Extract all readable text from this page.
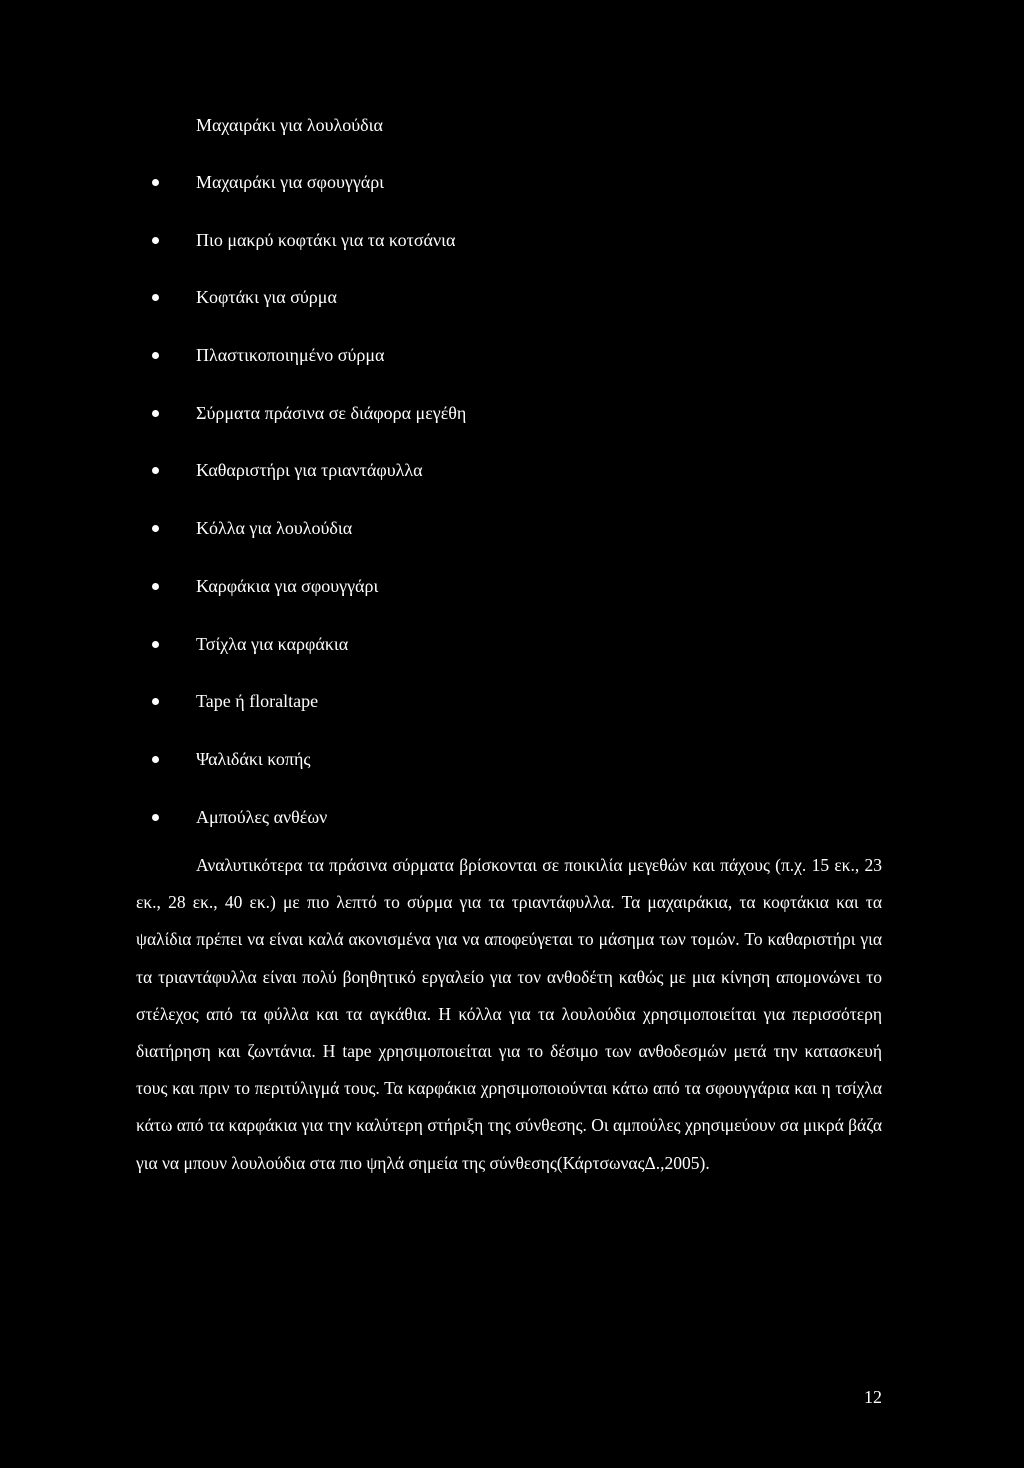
Μαχαιράκι για λουλούδια
Μαχαιράκι για σφουγγάρι
Πιο μακρύ κοφτάκι για τα κοτσάνια
Κοφτάκι για σύρμα
Πλαστικοποιημένο σύρμα
Σύρματα πράσινα σε διάφορα μεγέθη
Καθαριστήρι για τριαντάφυλλα
Κόλλα για λουλούδια
Καρφάκια για σφουγγάρι
Τσίχλα για καρφάκια
Tape ή floraltape
Ψαλιδάκι κοπής
Αμπούλες ανθέων

Αναλυτικότερα τα πράσινα σύρματα βρίσκονται σε ποικιλία μεγεθών και πάχους (π.χ. 15 εκ., 23 εκ., 28 εκ., 40 εκ.) με πιο λεπτό το σύρμα για τα τριαντάφυλλα. Τα μαχαιράκια, τα κοφτάκια και τα ψαλίδια πρέπει να είναι καλά ακονισμένα για να αποφεύγεται το μάσημα των τομών. Το καθαριστήρι για τα τριαντάφυλλα είναι πολύ βοηθητικό εργαλείο για τον ανθοδέτη καθώς με μια κίνηση απομονώνει το στέλεχος από τα φύλλα και τα αγκάθια. Η κόλλα για τα λουλούδια χρησιμοποιείται για περισσότερη διατήρηση και ζωντάνια. Η tape χρησιμοποιείται για το δέσιμο των ανθοδεσμών μετά την κατασκευή τους και πριν το περιτύλιγμά τους. Τα καρφάκια χρησιμοποιούνται κάτω από τα σφουγγάρια και η τσίχλα κάτω από τα καρφάκια για την καλύτερη στήριξη της σύνθεσης. Οι αμπούλες χρησιμεύουν σα μικρά βάζα για να μπουν λουλούδια στα πιο ψηλά σημεία της σύνθεσης(ΚάρτσωναςΔ.,2005).

12
